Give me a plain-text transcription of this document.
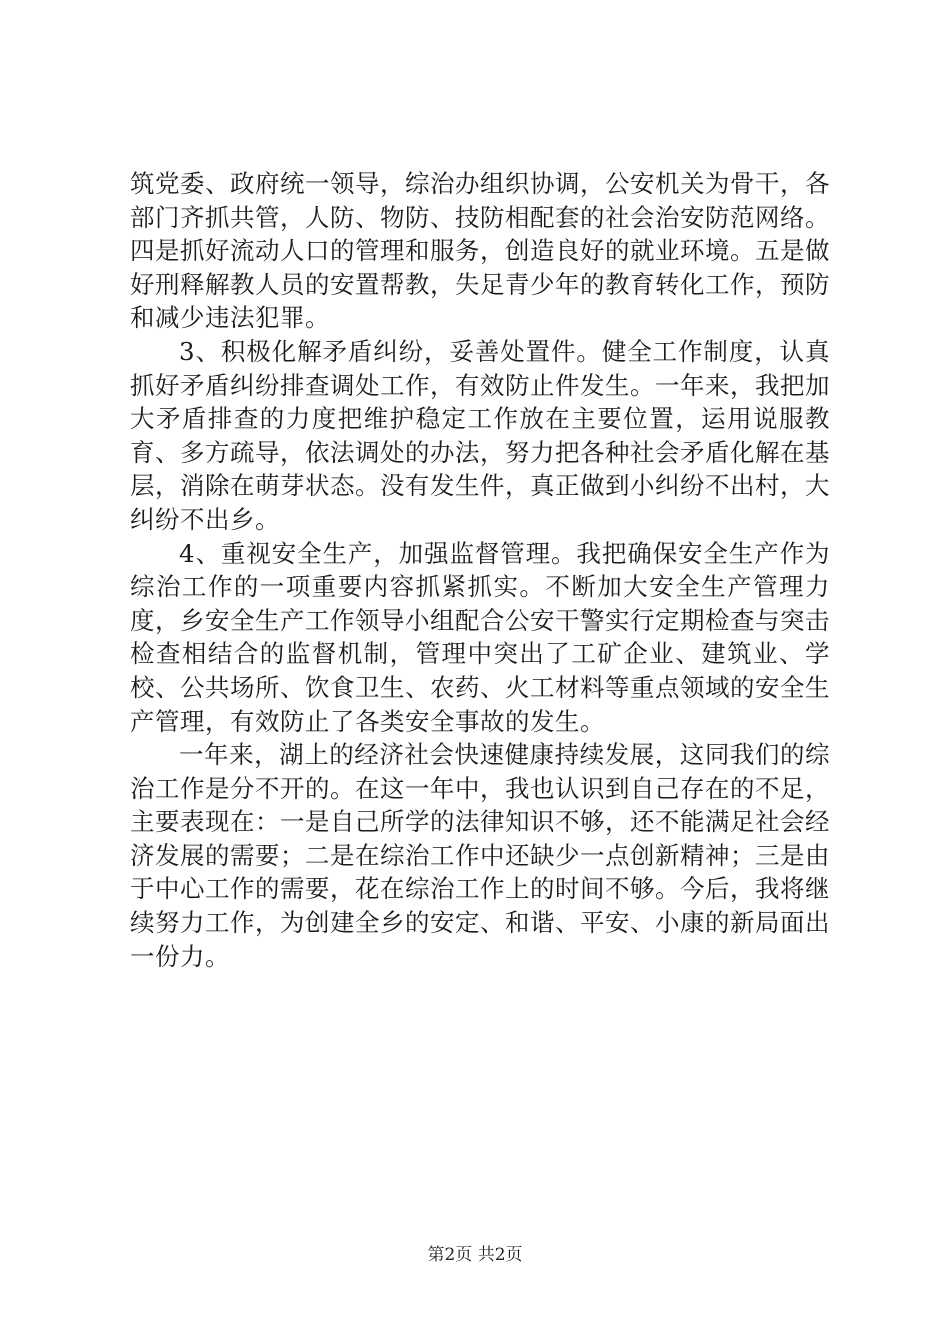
筑党委、政府统一领导，综治办组织协调，公安机关为骨干，各部门齐抓共管，人防、物防、技防相配套的社会治安防范网络。四是抓好流动人口的管理和服务，创造良好的就业环境。五是做好刑释解教人员的安置帮教，失足青少年的教育转化工作，预防和减少违法犯罪。

3、积极化解矛盾纠纷，妥善处置件。健全工作制度，认真抓好矛盾纠纷排查调处工作，有效防止件发生。一年来，我把加大矛盾排查的力度把维护稳定工作放在主要位置，运用说服教育、多方疏导，依法调处的办法，努力把各种社会矛盾化解在基层，消除在萌芽状态。没有发生件，真正做到小纠纷不出村，大纠纷不出乡。

4、重视安全生产，加强监督管理。我把确保安全生产作为综治工作的一项重要内容抓紧抓实。不断加大安全生产管理力度，乡安全生产工作领导小组配合公安干警实行定期检查与突击检查相结合的监督机制，管理中突出了工矿企业、建筑业、学校、公共场所、饮食卫生、农药、火工材料等重点领域的安全生产管理，有效防止了各类安全事故的发生。

一年来，湖上的经济社会快速健康持续发展，这同我们的综治工作是分不开的。在这一年中，我也认识到自己存在的不足，主要表现在：一是自己所学的法律知识不够，还不能满足社会经济发展的需要；二是在综治工作中还缺少一点创新精神；三是由于中心工作的需要，花在综治工作上的时间不够。今后，我将继续努力工作，为创建全乡的安定、和谐、平安、小康的新局面出一份力。

第2页 共2页
